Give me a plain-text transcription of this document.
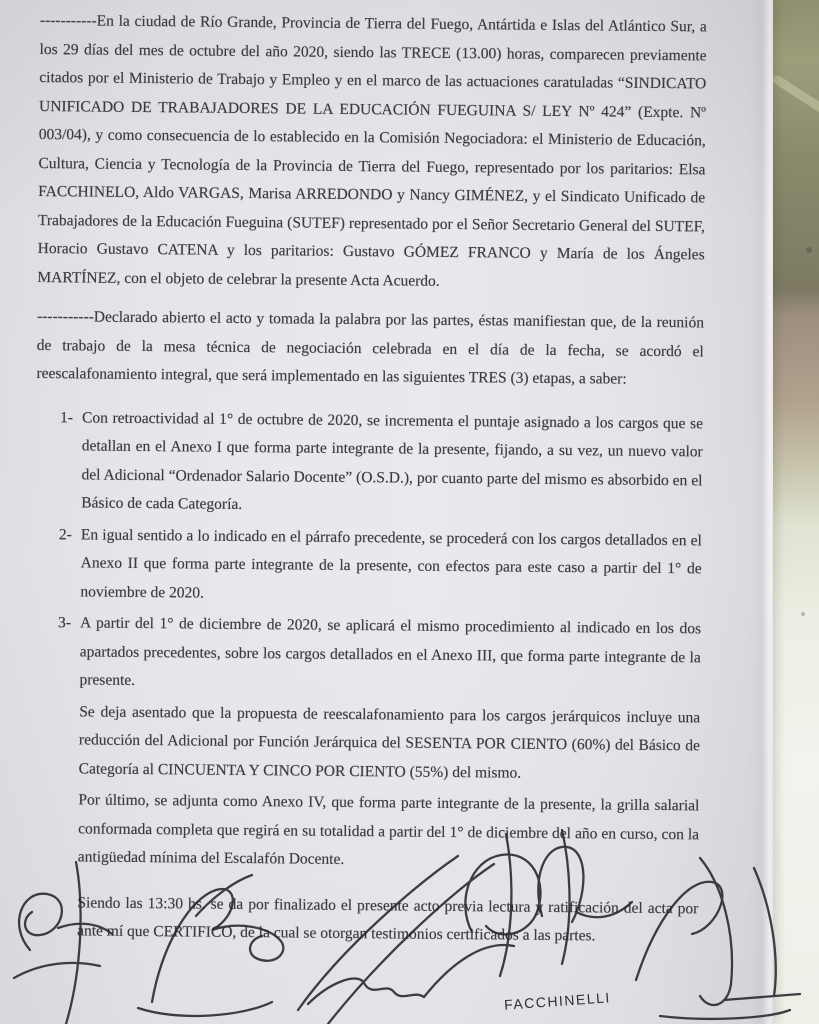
-----------En la ciudad de Río Grande, Provincia de Tierra del Fuego, Antártida e Islas del Atlántico Sur, a los 29 días del mes de octubre del año 2020, siendo las TRECE (13.00) horas, comparecen previamente citados por el Ministerio de Trabajo y Empleo y en el marco de las actuaciones caratuladas “SINDICATO UNIFICADO DE TRABAJADORES DE LA EDUCACIÓN FUEGUINA S/ LEY Nº 424” (Expte. Nº 003/04), y como consecuencia de lo establecido en la Comisión Negociadora: el Ministerio de Educación, Cultura, Ciencia y Tecnología de la Provincia de Tierra del Fuego, representado por los paritarios: Elsa FACCHINELO, Aldo VARGAS, Marisa ARREDONDO y Nancy GIMÉNEZ, y el Sindicato Unificado de Trabajadores de la Educación Fueguina (SUTEF) representado por el Señor Secretario General del SUTEF, Horacio Gustavo CATENA y los paritarios: Gustavo GÓMEZ FRANCO y María de los Ángeles MARTÍNEZ, con el objeto de celebrar la presente Acta Acuerdo.

-----------Declarado abierto el acto y tomada la palabra por las partes, éstas manifiestan que, de la reunión de trabajo de la mesa técnica de negociación celebrada en el día de la fecha, se acordó el reescalafonamiento integral, que será implementado en las siguientes TRES (3) etapas, a saber:

1- Con retroactividad al 1° de octubre de 2020, se incrementa el puntaje asignado a los cargos que se detallan en el Anexo I que forma parte integrante de la presente, fijando, a su vez, un nuevo valor del Adicional “Ordenador Salario Docente” (O.S.D.), por cuanto parte del mismo es absorbido en el Básico de cada Categoría.
2- En igual sentido a lo indicado en el párrafo precedente, se procederá con los cargos detallados en el Anexo II que forma parte integrante de la presente, con efectos para este caso a partir del 1° de noviembre de 2020.
3- A partir del 1° de diciembre de 2020, se aplicará el mismo procedimiento al indicado en los dos apartados precedentes, sobre los cargos detallados en el Anexo III, que forma parte integrante de la presente.

Se deja asentado que la propuesta de reescalafonamiento para los cargos jerárquicos incluye una reducción del Adicional por Función Jerárquica del SESENTA POR CIENTO (60%) del Básico de Categoría al CINCUENTA Y CINCO POR CIENTO (55%) del mismo.

Por último, se adjunta como Anexo IV, que forma parte integrante de la presente, la grilla salarial conformada completa que regirá en su totalidad a partir del 1° de diciembre del año en curso, con la antigüedad mínima del Escalafón Docente.

Siendo las 13:30 hs. se da por finalizado el presente acto previa lectura y ratificación del acta por ante mí que CERTIFICO, de la cual se otorgan testimonios certificados a las partes.

FACCHINELLI
